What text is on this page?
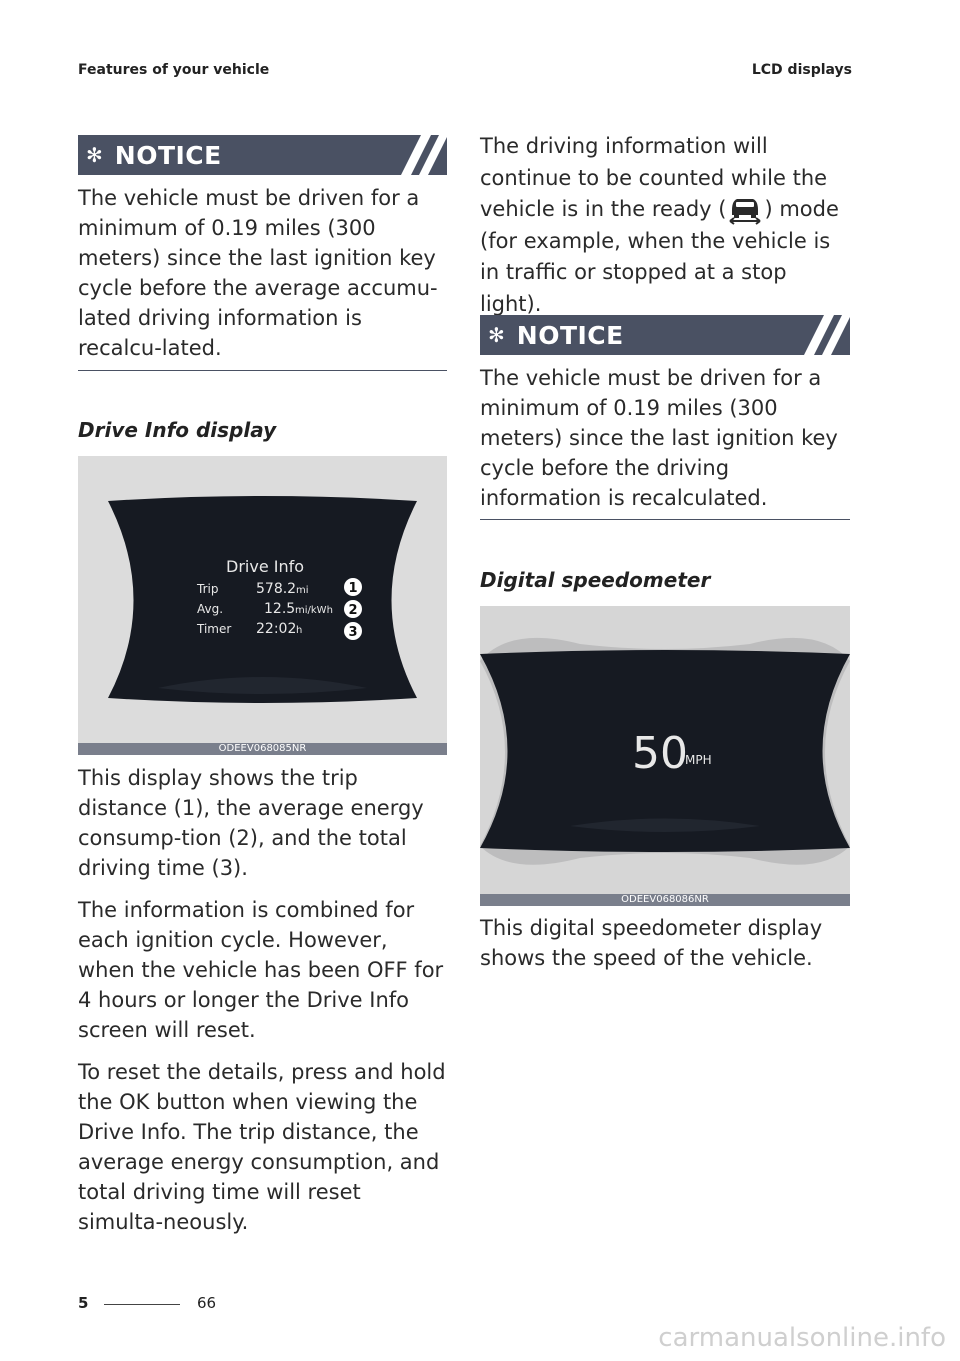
Features of your vehicle	LCD displays
✻ NOTICE

The vehicle must be driven for a minimum of 0.19 miles (300 meters) since the last ignition key cycle before the average accumu-lated driving information is recalcu-lated.

Drive Info display
Drive Info
Trip	578.2 mi
Avg.	12.5 mi/kWh
Timer 22:02 h
1
2
3
ODEEV068085NR

This display shows the trip distance (1), the average energy consump-tion (2), and the total driving time (3).

The information is combined for each ignition cycle. However, when the vehicle has been OFF for 4 hours or longer the Drive Info screen will reset.

To reset the details, press and hold the OK button when viewing the Drive Info. The trip distance, the average energy consumption, and total driving time will reset simulta-neously.

The driving information will continue to be counted while the vehicle is in the ready ( ) mode (for example, when the vehicle is in traffic or stopped at a stop light).

✻ NOTICE

The vehicle must be driven for a minimum of 0.19 miles (300 meters) since the last ignition key cycle before the driving information is recalculated.

Digital speedometer
50
MPH
ODEEV068086NR

This digital speedometer display shows the speed of the vehicle.

5	66
carmanualsonline.info
